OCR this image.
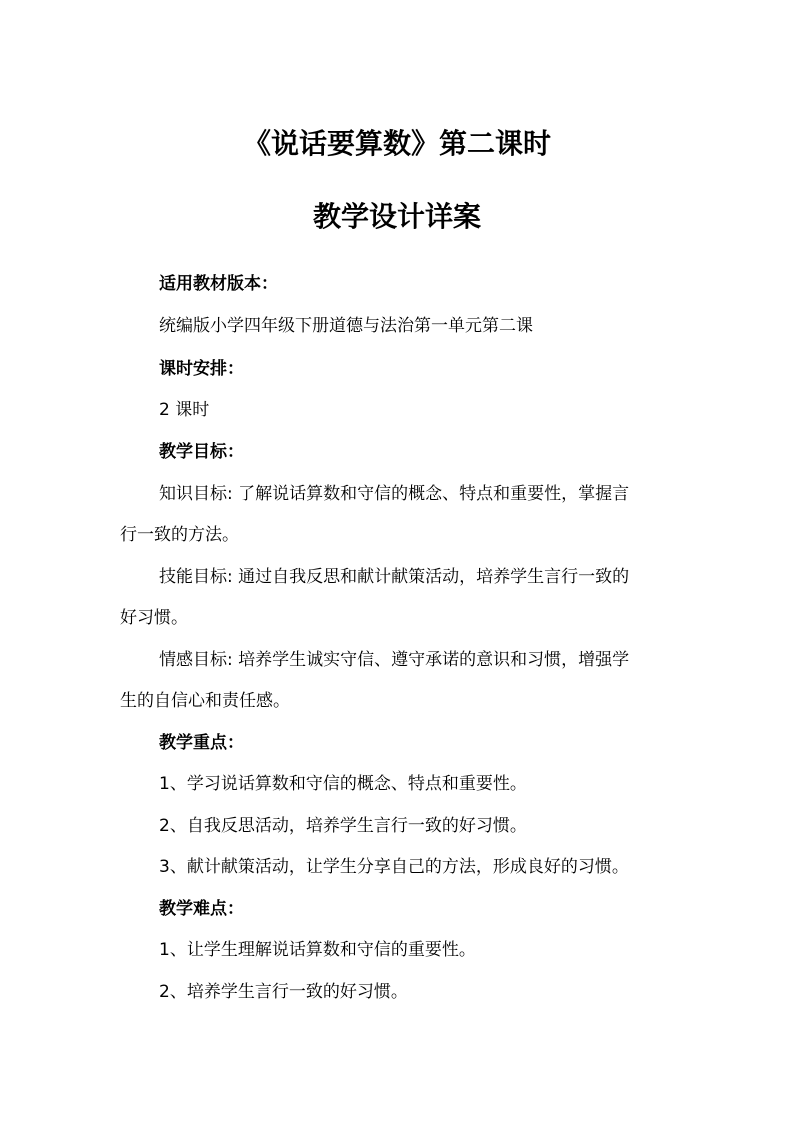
《说话要算数》第二课时
教学设计详案
适用教材版本：
统编版小学四年级下册道德与法治第一单元第二课
课时安排：
2 课时
教学目标：
知识目标: 了解说话算数和守信的概念、特点和重要性，掌握言
行一致的方法。
技能目标: 通过自我反思和献计献策活动，培养学生言行一致的
好习惯。
情感目标: 培养学生诚实守信、遵守承诺的意识和习惯，增强学
生的自信心和责任感。
教学重点：
1、学习说话算数和守信的概念、特点和重要性。
2、自我反思活动，培养学生言行一致的好习惯。
3、献计献策活动，让学生分享自己的方法，形成良好的习惯。
教学难点：
1、让学生理解说话算数和守信的重要性。
2、培养学生言行一致的好习惯。
